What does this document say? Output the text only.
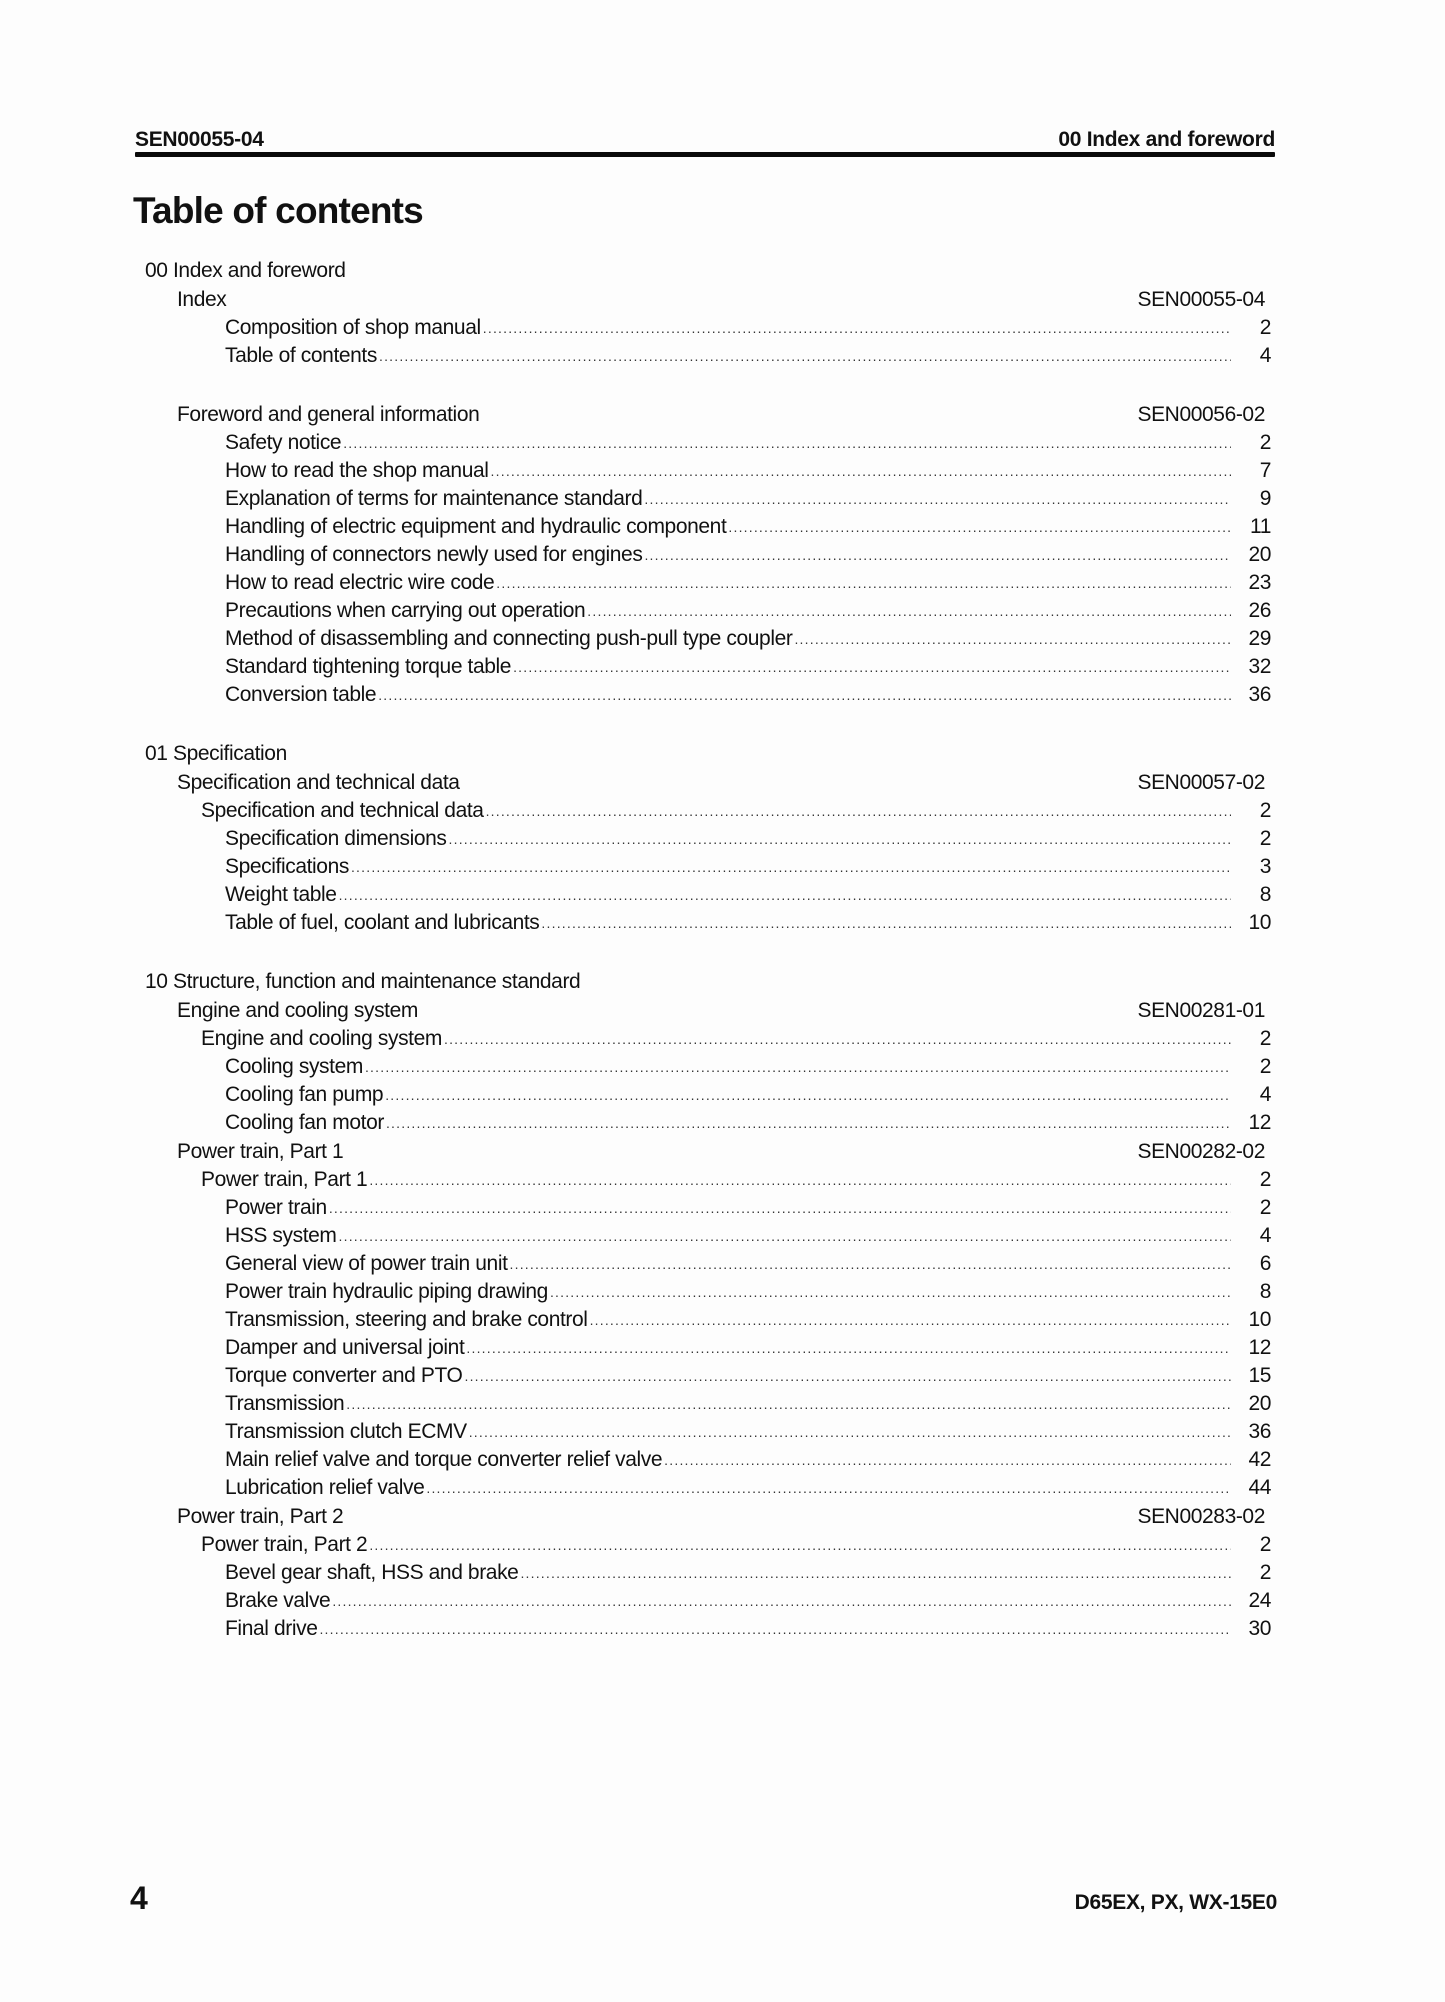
SEN00055-04	00 Index and foreword
Table of contents
00 Index and foreword
Index	SEN00055-04
Composition of shop manual .....	2
Table of contents .....	4
Foreword and general information	SEN00056-02
Safety notice .....	2
How to read the shop manual .....	7
Explanation of terms for maintenance standard .....	9
Handling of electric equipment and hydraulic component .....	11
Handling of connectors newly used for engines .....	20
How to read electric wire code .....	23
Precautions when carrying out operation .....	26
Method of disassembling and connecting push-pull type coupler .....	29
Standard tightening torque table .....	32
Conversion table .....	36
01 Specification
Specification and technical data	SEN00057-02
Specification and technical data .....	2
Specification dimensions .....	2
Specifications .....	3
Weight table .....	8
Table of fuel, coolant and lubricants .....	10
10 Structure, function and maintenance standard
Engine and cooling system	SEN00281-01
Engine and cooling system .....	2
Cooling system .....	2
Cooling fan pump .....	4
Cooling fan motor .....	12
Power train, Part 1	SEN00282-02
Power train, Part 1 .....	2
Power train .....	2
HSS system .....	4
General view of power train unit .....	6
Power train hydraulic piping drawing .....	8
Transmission, steering and brake control .....	10
Damper and universal joint .....	12
Torque converter and PTO .....	15
Transmission .....	20
Transmission clutch ECMV .....	36
Main relief valve and torque converter relief valve .....	42
Lubrication relief valve .....	44
Power train, Part 2	SEN00283-02
Power train, Part 2 .....	2
Bevel gear shaft, HSS and brake .....	2
Brake valve .....	24
Final drive .....	30
4	D65EX, PX, WX-15E0
